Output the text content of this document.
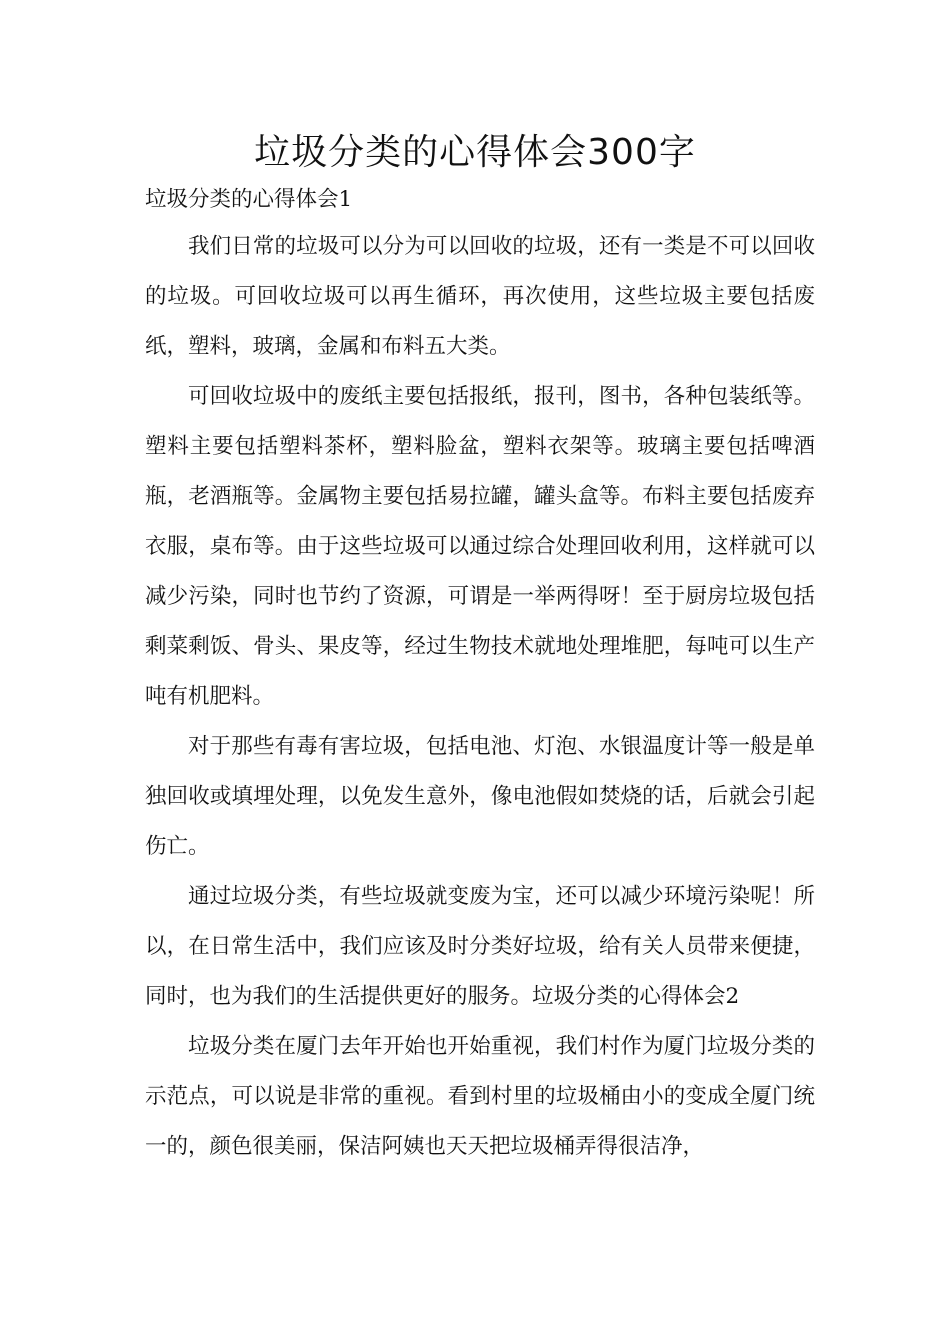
垃圾分类的心得体会300字

垃圾分类的心得体会1

我们日常的垃圾可以分为可以回收的垃圾，还有一类是不可以回收的垃圾。可回收垃圾可以再生循环，再次使用，这些垃圾主要包括废纸，塑料，玻璃，金属和布料五大类。

可回收垃圾中的废纸主要包括报纸，报刊，图书，各种包装纸等。塑料主要包括塑料茶杯，塑料脸盆，塑料衣架等。玻璃主要包括啤酒瓶，老酒瓶等。金属物主要包括易拉罐，罐头盒等。布料主要包括废弃衣服，桌布等。由于这些垃圾可以通过综合处理回收利用，这样就可以减少污染，同时也节约了资源，可谓是一举两得呀！至于厨房垃圾包括剩菜剩饭、骨头、果皮等，经过生物技术就地处理堆肥，每吨可以生产吨有机肥料。

对于那些有毒有害垃圾，包括电池、灯泡、水银温度计等一般是单独回收或填埋处理，以免发生意外，像电池假如焚烧的话，后就会引起伤亡。

通过垃圾分类，有些垃圾就变废为宝，还可以减少环境污染呢！所以，在日常生活中，我们应该及时分类好垃圾，给有关人员带来便捷，同时，也为我们的生活提供更好的服务。垃圾分类的心得体会2

垃圾分类在厦门去年开始也开始重视，我们村作为厦门垃圾分类的示范点，可以说是非常的重视。看到村里的垃圾桶由小的变成全厦门统一的，颜色很美丽，保洁阿姨也天天把垃圾桶弄得很洁净，
